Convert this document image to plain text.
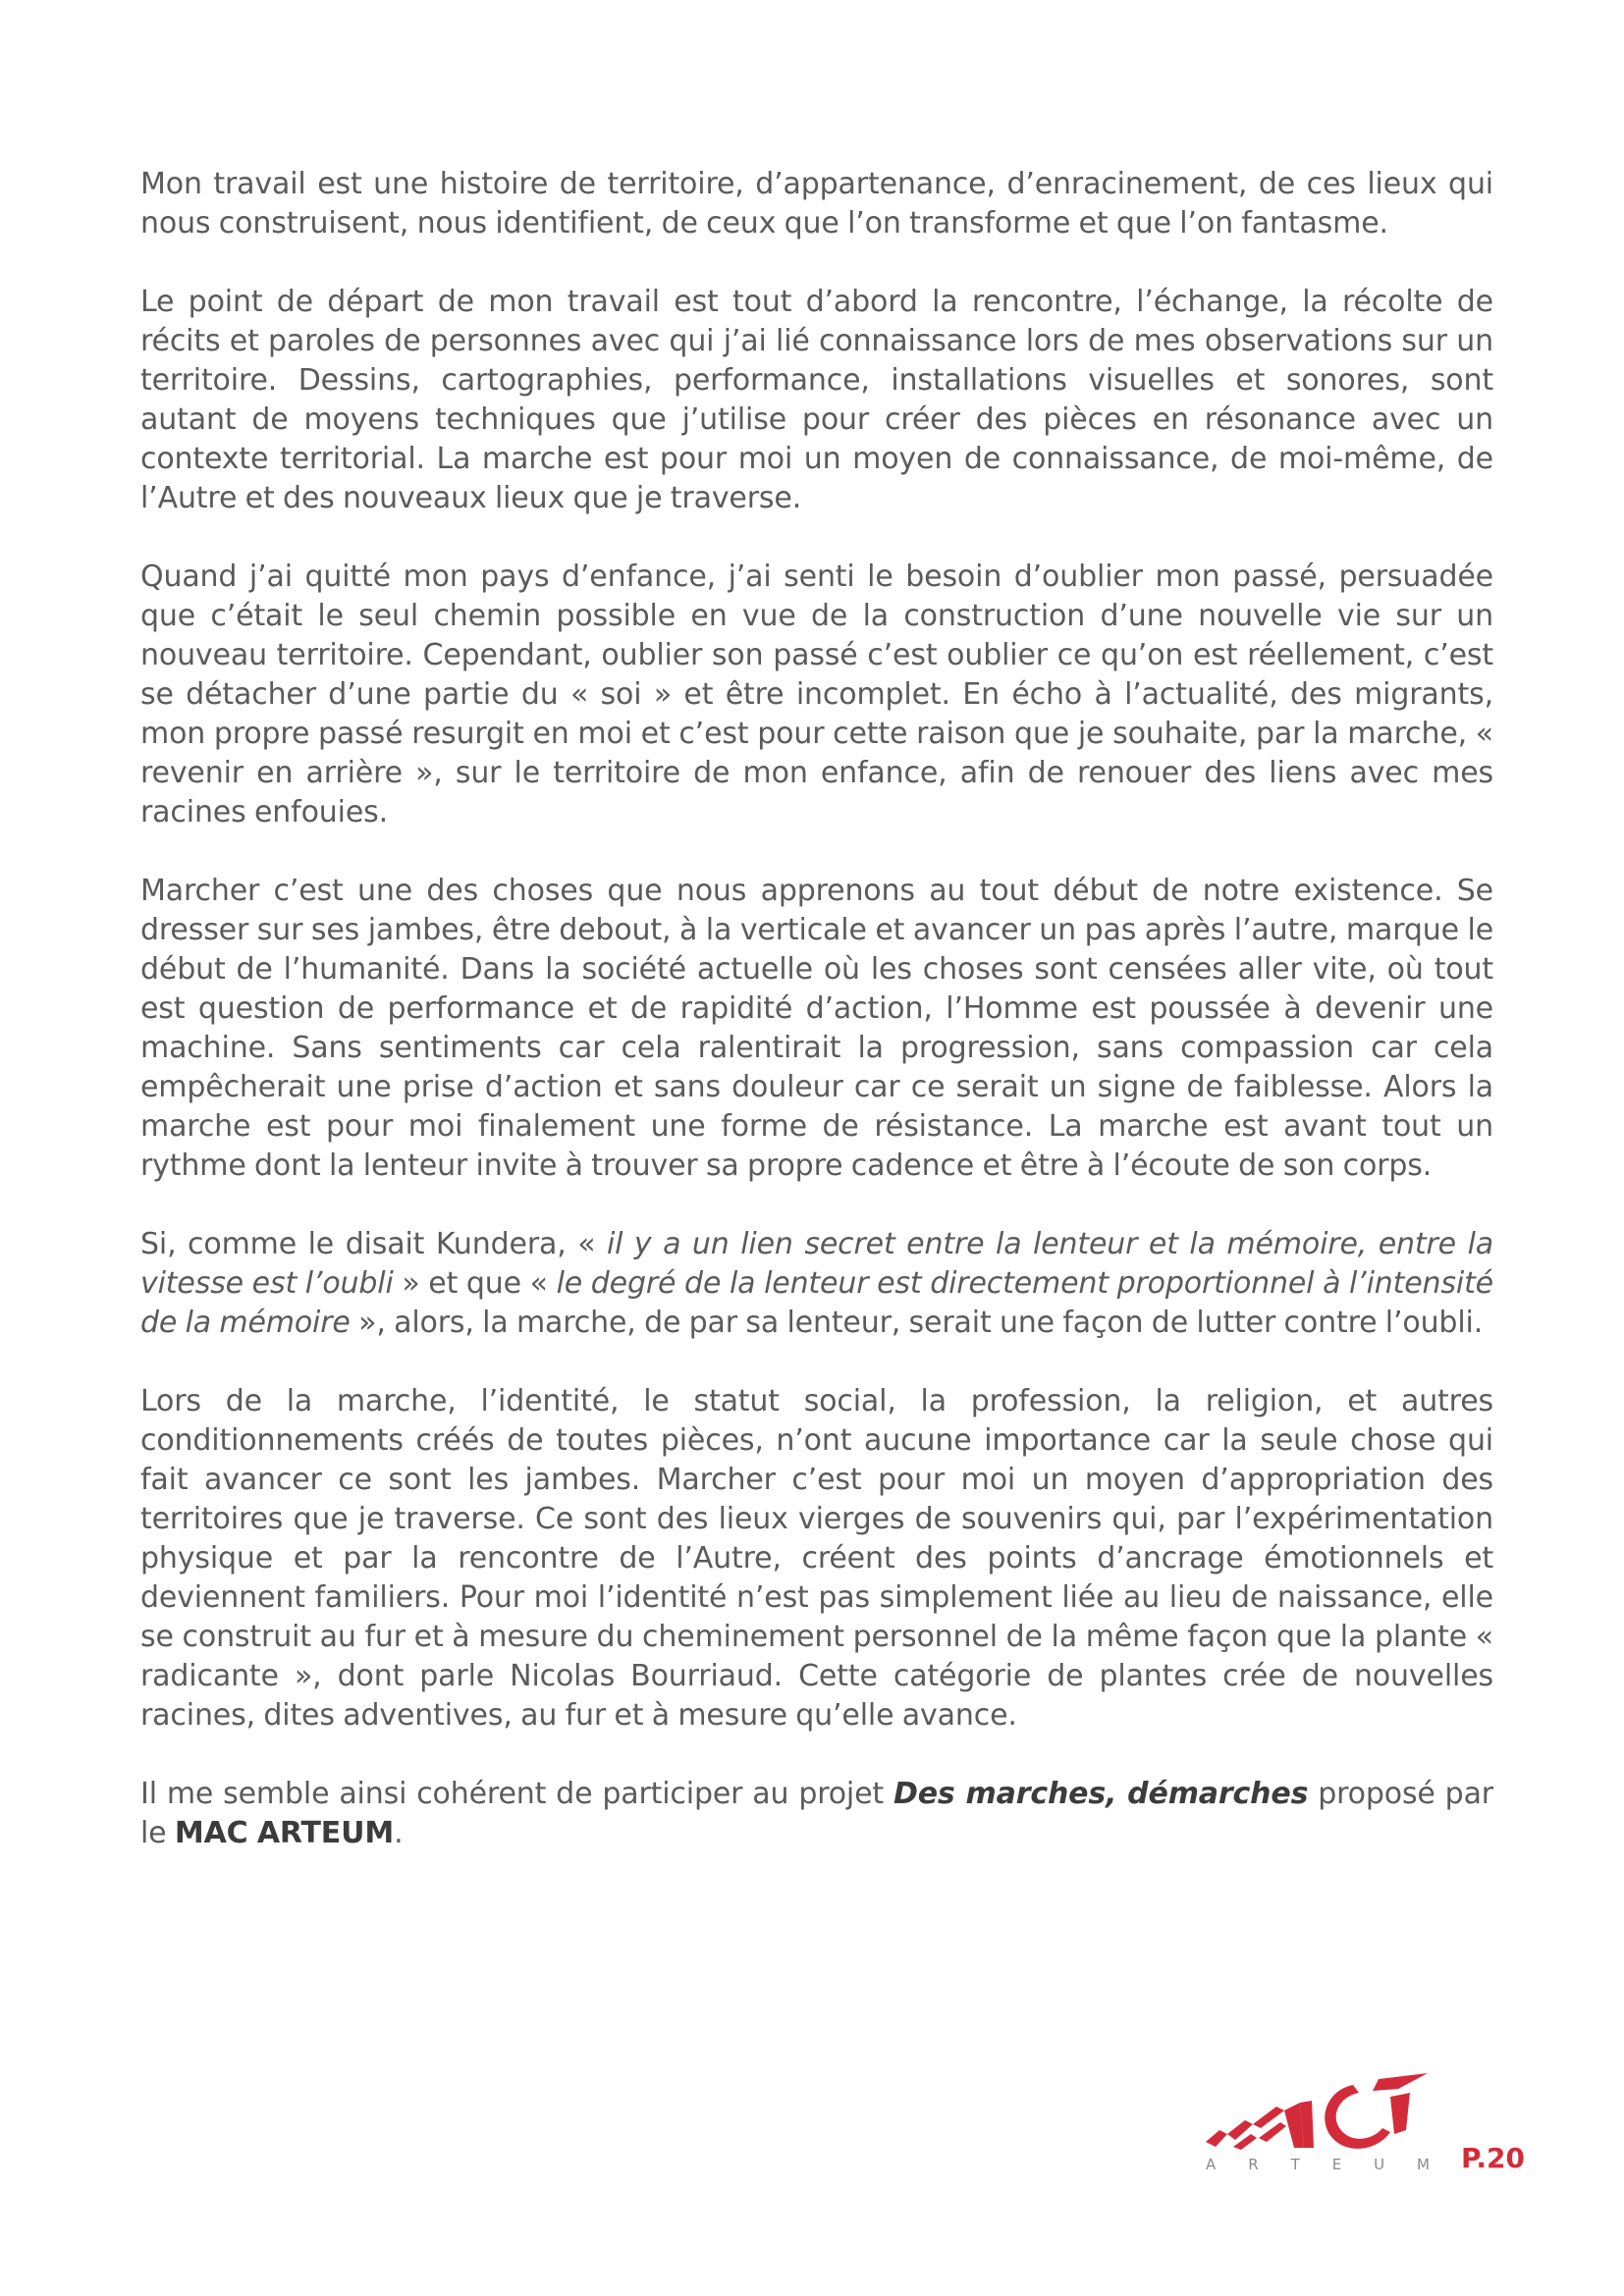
Mon travail est une histoire de territoire, d’appartenance, d’enracinement, de ces lieux qui nous construisent, nous identifient, de ceux que l’on transforme et que l’on fantasme.

Le point de départ de mon travail est tout d’abord la rencontre, l’échange, la récolte de récits et paroles de personnes avec qui j’ai lié connaissance lors de mes observations sur un territoire. Dessins, cartographies, performance, installations visuelles et sonores, sont autant de moyens techniques que j’utilise pour créer des pièces en résonance avec un contexte territorial. La marche est pour moi un moyen de connaissance, de moi-même, de l’Autre et des nouveaux lieux que je traverse.

Quand j’ai quitté mon pays d’enfance, j’ai senti le besoin d’oublier mon passé, persuadée que c’était le seul chemin possible en vue de la construction d’une nouvelle vie sur un nouveau territoire. Cependant, oublier son passé c’est oublier ce qu’on est réellement, c’est se détacher d’une partie du « soi » et être incomplet. En écho à l’actualité, des migrants, mon propre passé resurgit en moi et c’est pour cette raison que je souhaite, par la marche, « revenir en arrière », sur le territoire de mon enfance, afin de renouer des liens avec mes racines enfouies.

Marcher c’est une des choses que nous apprenons au tout début de notre existence. Se dresser sur ses jambes, être debout, à la verticale et avancer un pas après l’autre, marque le début de l’humanité. Dans la société actuelle où les choses sont censées aller vite, où tout est question de performance et de rapidité d’action, l’Homme est poussée à devenir une machine. Sans sentiments car cela ralentirait la progression, sans compassion car cela empêcherait une prise d’action et sans douleur car ce serait un signe de faiblesse. Alors la marche est pour moi finalement une forme de résistance. La marche est avant tout un rythme dont la lenteur invite à trouver sa propre cadence et être à l’écoute de son corps.

Si, comme le disait Kundera, « il y a un lien secret entre la lenteur et la mémoire, entre la vitesse est l’oubli » et que « le degré de la lenteur est directement proportionnel à l’intensité de la mémoire », alors, la marche, de par sa lenteur, serait une façon de lutter contre l’oubli.

Lors de la marche, l’identité, le statut social, la profession, la religion, et autres conditionnements créés de toutes pièces, n’ont aucune importance car la seule chose qui fait avancer ce sont les jambes. Marcher c’est pour moi un moyen d’appropriation des territoires que je traverse. Ce sont des lieux vierges de souvenirs qui, par l’expérimentation physique et par la rencontre de l’Autre, créent des points d’ancrage émotionnels et deviennent familiers. Pour moi l’identité n’est pas simplement liée au lieu de naissance, elle se construit au fur et à mesure du cheminement personnel de la même façon que la plante « radicante », dont parle Nicolas Bourriaud. Cette catégorie de plantes crée de nouvelles racines, dites adventives, au fur et à mesure qu’elle avance.

Il me semble ainsi cohérent de participer au projet Des marches, démarches proposé par le MAC ARTEUM.

A R T E U M P.20
